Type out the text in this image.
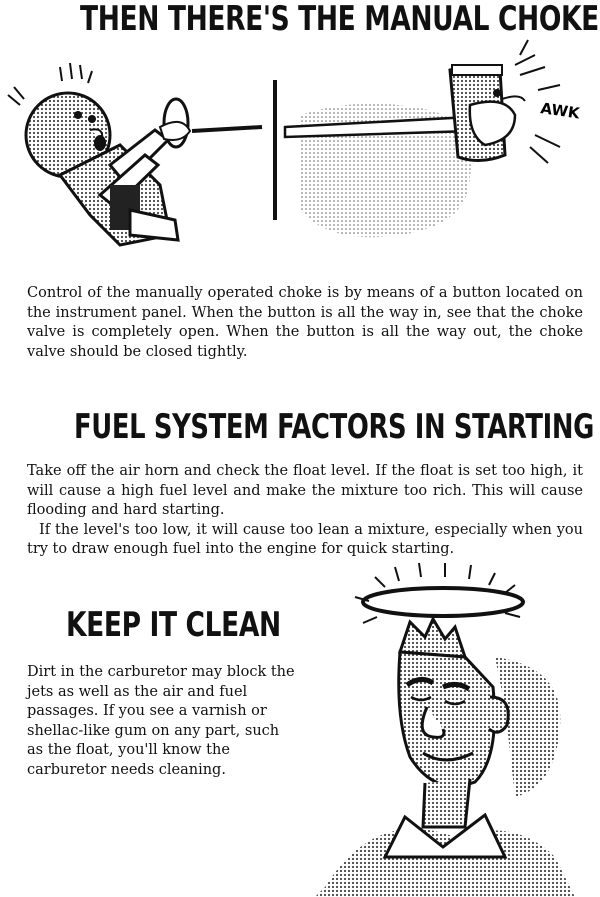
THEN THERE'S THE MANUAL CHOKE
AWK

Control of the manually operated choke is by means of a button located on the instrument panel. When the button is all the way in, see that the choke valve is completely open. When the button is all the way out, the choke valve should be closed tightly.

FUEL SYSTEM FACTORS IN STARTING

Take off the air horn and check the float level. If the float is set too high, it will cause a high fuel level and make the mixture too rich. This will cause flooding and hard starting.

If the level's too low, it will cause too lean a mixture, especially when you try to draw enough fuel into the engine for quick starting.

KEEP IT CLEAN

Dirt in the carburetor may block the jets as well as the air and fuel passages. If you see a varnish or shellac-like gum on any part, such as the float, you'll know the carburetor needs cleaning.
